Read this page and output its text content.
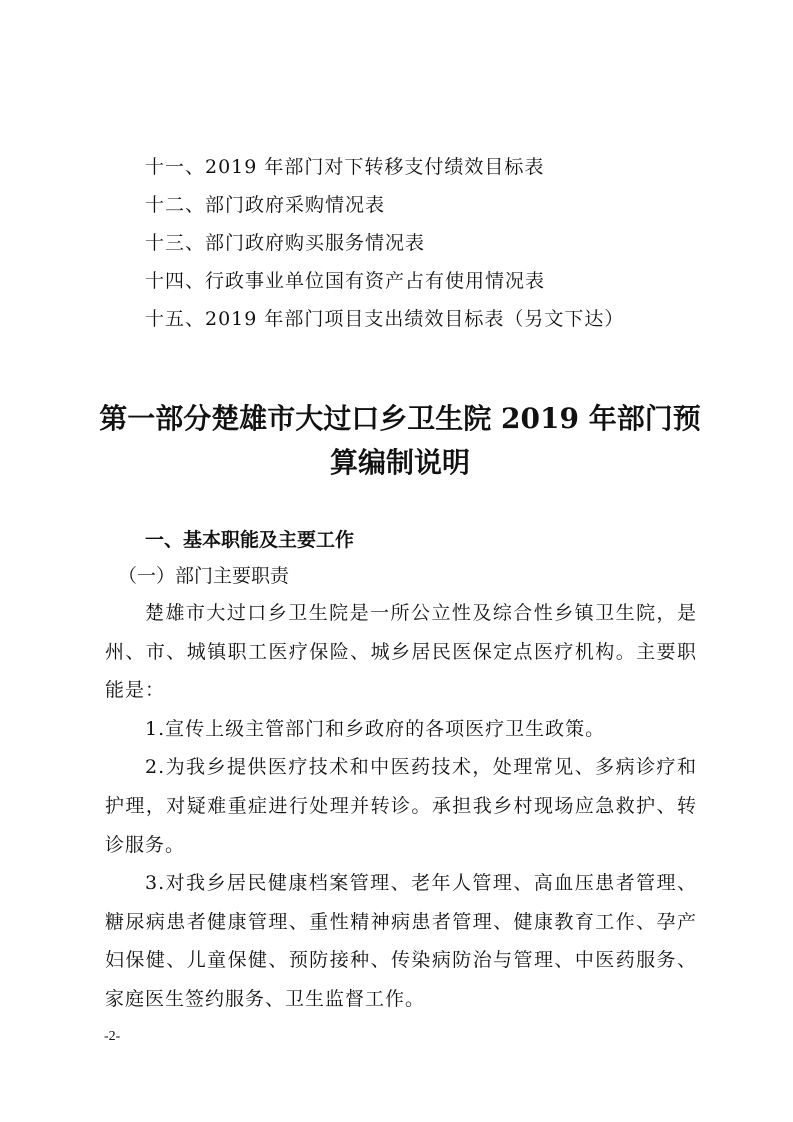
十一、2019 年部门对下转移支付绩效目标表
十二、部门政府采购情况表
十三、部门政府购买服务情况表
十四、行政事业单位国有资产占有使用情况表
十五、2019 年部门项目支出绩效目标表（另文下达）
第一部分楚雄市大过口乡卫生院 2019 年部门预
算编制说明
一、基本职能及主要工作
（一）部门主要职责

楚雄市大过口乡卫生院是一所公立性及综合性乡镇卫生院，是州、市、城镇职工医疗保险、城乡居民医保定点医疗机构。主要职能是：

1.宣传上级主管部门和乡政府的各项医疗卫生政策。

2.为我乡提供医疗技术和中医药技术，处理常见、多病诊疗和护理，对疑难重症进行处理并转诊。承担我乡村现场应急救护、转诊服务。

3.对我乡居民健康档案管理、老年人管理、高血压患者管理、糖尿病患者健康管理、重性精神病患者管理、健康教育工作、孕产妇保健、儿童保健、预防接种、传染病防治与管理、中医药服务、家庭医生签约服务、卫生监督工作。

-2-
